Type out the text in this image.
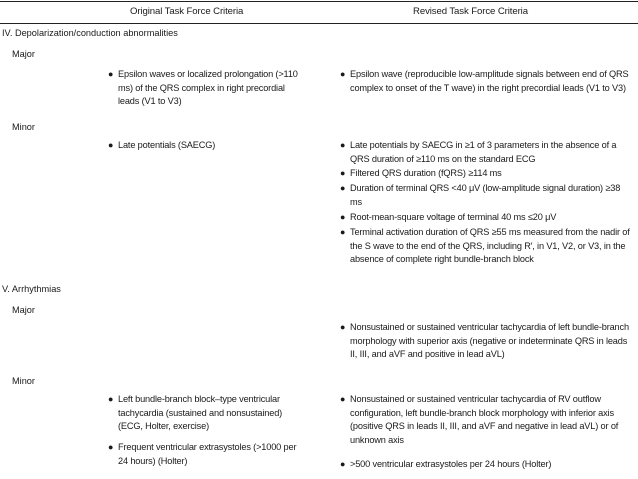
Original Task Force Criteria	Revised Task Force Criteria
IV. Depolarization/conduction abnormalities
Major
● Epsilon waves or localized prolongation (>110 ms) of the QRS complex in right precordial leads (V1 to V3)
● Epsilon wave (reproducible low-amplitude signals between end of QRS complex to onset of the T wave) in the right precordial leads (V1 to V3)
Minor
● Late potentials (SAECG)	● Late potentials by SAECG in ≥1 of 3 parameters in the absence of a QRS duration of ≥110 ms on the standard ECG
● Filtered QRS duration (fQRS) ≥114 ms
● Duration of terminal QRS <40 μV (low-amplitude signal duration) ≥38 ms
● Root-mean-square voltage of terminal 40 ms ≤20 μV
● Terminal activation duration of QRS ≥55 ms measured from the nadir of the S wave to the end of the QRS, including R′, in V1, V2, or V3, in the absence of complete right bundle-branch block
V. Arrhythmias
Major
● Nonsustained or sustained ventricular tachycardia of left bundle-branch morphology with superior axis (negative or indeterminate QRS in leads II, III, and aVF and positive in lead aVL)
Minor
● Left bundle-branch block–type ventricular tachycardia (sustained and nonsustained) (ECG, Holter, exercise)
● Frequent ventricular extrasystoles (>1000 per 24 hours) (Holter)
● Nonsustained or sustained ventricular tachycardia of RV outflow configuration, left bundle-branch block morphology with inferior axis (positive QRS in leads II, III, and aVF and negative in lead aVL) or of unknown axis
● >500 ventricular extrasystoles per 24 hours (Holter)
